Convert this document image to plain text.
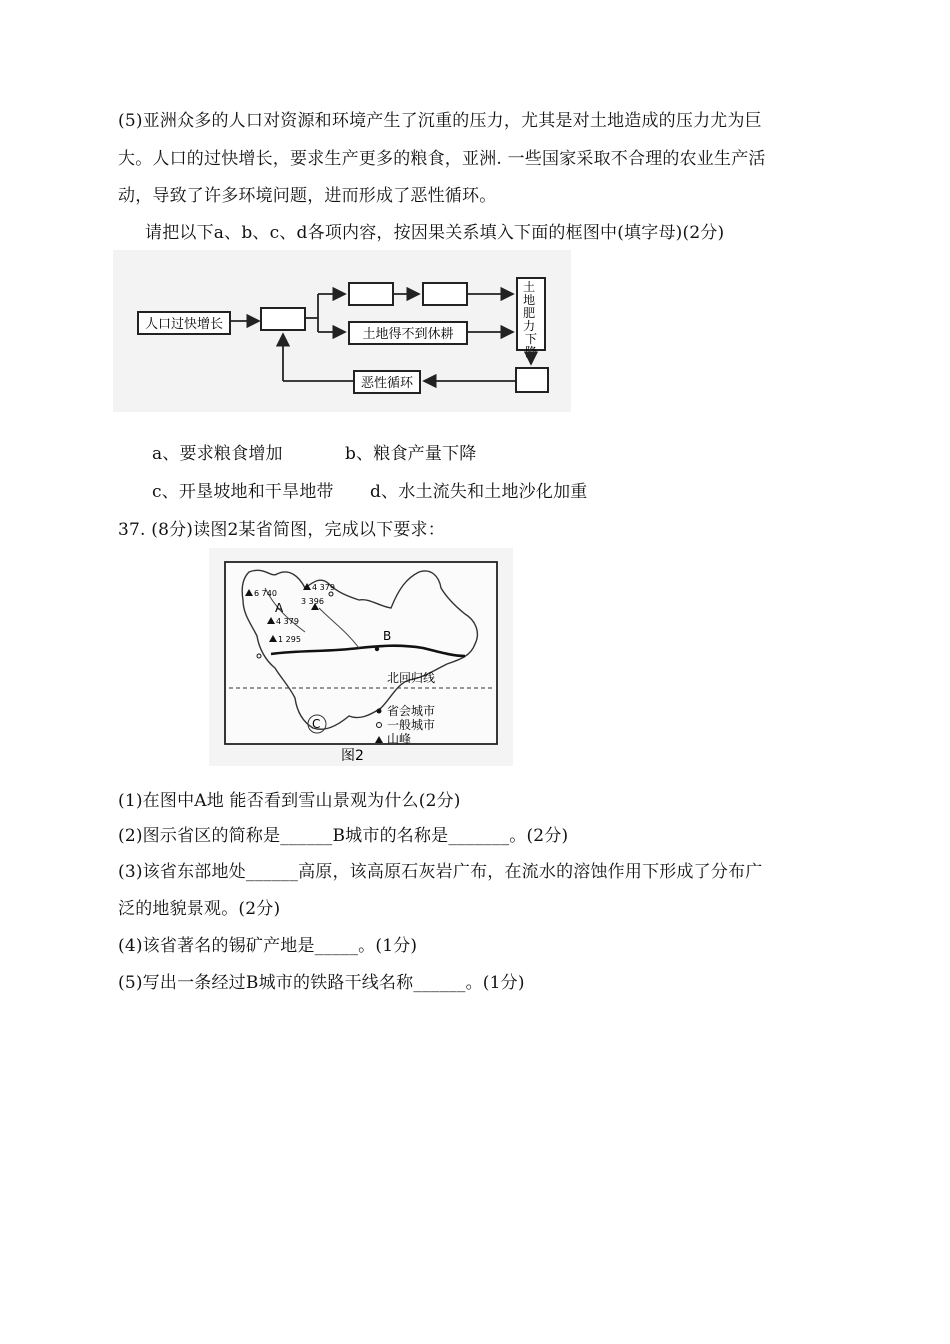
(5)亚洲众多的人口对资源和环境产生了沉重的压力，尤其是对土地造成的压力尤为巨
大。人口的过快增长，要求生产更多的粮食，亚洲. 一些国家采取不合理的农业生产活
动，导致了许多环境问题，进而形成了恶性循环。
请把以下a、b、c、d各项内容，按因果关系填入下面的框图中(填字母)(2分)
人口过快增长
土地得不到休耕
土 地 肥 力 下
降
恶性循环
a、要求粮食增加	b、粮食产量下降
c、开垦坡地和干旱地带 d、水土流失和土地沙化加重
37. (8分)读图2某省简图，完成以下要求：
北回归线
6 740
4 379
4 379
3 396
1 295
A
B
C
省会城市
一般城市
山峰
图2
(1)在图中A地 能否看到雪山景观为什么(2分)
(2)图示省区的简称是______B城市的名称是_______。(2分)
(3)该省东部地处______高原，该高原石灰岩广布，在流水的溶蚀作用下形成了分布广
泛的地貌景观。(2分)
(4)该省著名的锡矿产地是_____。(1分)
(5)写出一条经过B城市的铁路干线名称______。(1分)
